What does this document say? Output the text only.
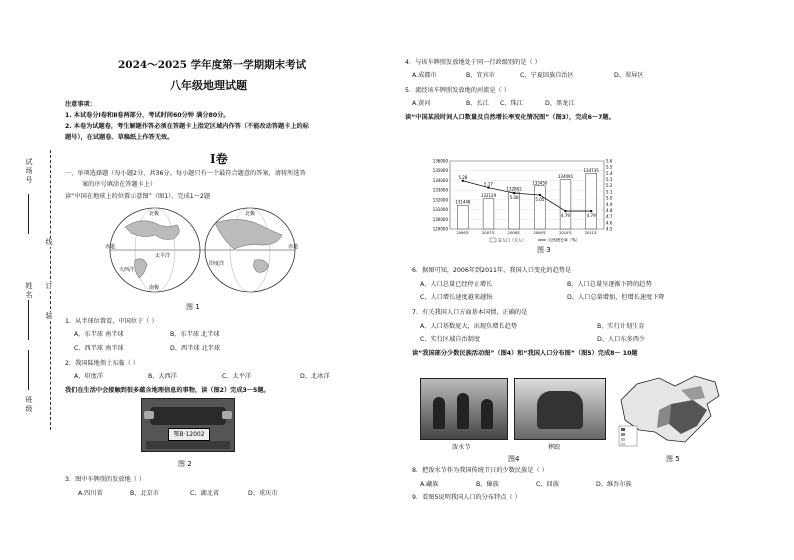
试场号
姓名
班级
线
订
装
2024～2025 学年度第一学期期末考试
八年级地理试题
注意事项：
1. 本试卷分Ⅰ卷和Ⅱ卷两部分，考试时间60分钟 满分80分。
2. 本卷为试题卷，考生解题作答必须在答题卡上指定区域内作答（不能改动答题卡上的标
题号），在试题卷、草稿纸上作答无效。
Ⅰ卷
一、单项选择题（每小题2分，共36分。每小题只有一个最符合题意的答案，请将所选答
案的序号填涂在答题卡上）
读“中国在地球上的位置示意图”（图1），完成1～2题
北极
赤道
太平洋
印度洋
大西洋
南极
北极
赤道
图 1
1．从半球位置看，中国位于（ ）
A、东半球 南半球	B、东半球 北半球
C、西半球 南半球	D、西半球 北半球
2．我国陆地领土东临（ ）
A、印度洋	B、大西洋	C、太平洋	D、北冰洋
我们在生活中会接触到很多蕴含地理信息的事物，读（图2）完成3～5题。
鄂B·12002
图 2
3．图中车牌照的发放地（ ）
A.四川省	B、北京市	C、湖北省	D、重庆市
4．与该车牌照发放地处于同一行政级别的是（ ）
A.成都市	B、宜宾市	C、宁夏回族自治区	D、翠屏区
5．流经该车牌照发放地的河流是（ ）
A.黄河	B、长江 C、珠江	D、黑龙江
读“中国某段时间人口数量及自然增长率变化情况图”（图3），完成6～7题。
136000
135000
134000
133000
132000
131000
130000
129000
5.6
5.5
5.4
5.3
5.2
5.1
5.0
4.9
4.8
4.7
4.6
4.5
131448
2006年
132129
2007年
132802
2008年
133450
2009年
134091
2010年
134735
2011年
5.28
5.17
5.08	5.05
4.79	4.79
总人口（万人）	自然增长率（%）
图 3
6．据图可知，2006年到2011年，我国人口变化的趋势是
A、人口总量已经停止增长	B、人口总量呈逐渐下降的趋势
C、人口增长速度越来越快	D、人口总量增加，但增长速度下降
7．有关我国人口方面基本国情，正确的是
A、人口基数庞大，出现负增长趋势	B、实行计划生育
C、实行区域自治制度	D、人口东多西少
读“我国部分少数民族活动图”（图4）和“我国人口分布图”（图5）完成8～ 10题
泼水节	摔跤
图4	图 5
8．把泼水节作为我国传统节日的少数民族是（ ）
A.藏族	B、傣族	C、回族	D、维吾尔族
9．看图5说明我国人口的分布特点（ ）
